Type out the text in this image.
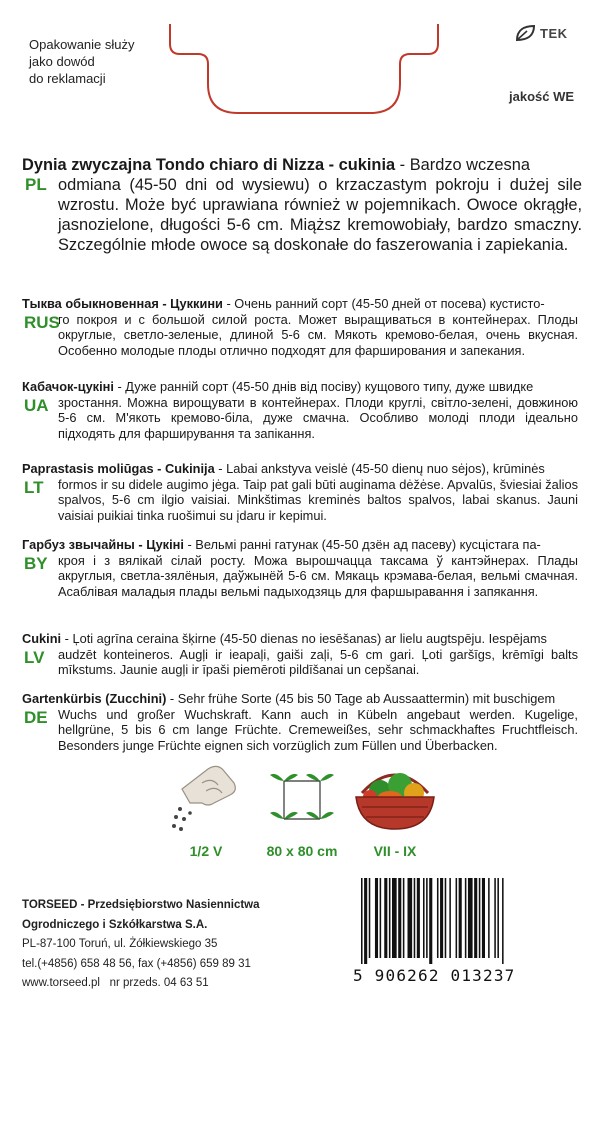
Opakowanie służy
jako dowód
do reklamacji
TEK
jakość WE
Dynia zwyczajna Tondo chiaro di Nizza - cukinia - Bardzo wczesna
odmiana (45-50 dni od wysiewu) o krzaczastym pokroju i dużej sile wzrostu. Może być uprawiana również w pojemnikach. Owoce okrągłe, jasnozielone, długości 5-6 cm. Miąższ kremowobiały, bardzo smaczny. Szczególnie młode owoce są doskonałe do faszerowania i zapiekania.
PL
Тыква обыкновенная - Цуккини - Очень ранний сорт (45-50 дней от посева) кустисто-
го покроя и с большой силой роста. Может выращиваться в контейнерах. Плоды округлые, светло-зеленые, длиной 5-6 см. Мякоть кремово-белая, очень вкусная. Особенно молодые плоды отлично подходят для фарширования и запекания.
RUS
Кабачок-цукіні - Дуже ранній сорт (45-50 днів від посіву) кущового типу, дуже швидке
зростання. Можна вирощувати в контейнерах. Плоди круглі, світло-зелені, довжиною 5-6 см. М'якоть кремово-біла, дуже смачна. Особливо молоді плоди ідеально підходять для фарширування та запікання.
UA
Paprastasis moliūgas - Cukinija - Labai ankstyva veislė (45-50 dienų nuo sėjos), krūminės
formos ir su didele augimo jėga. Taip pat gali būti auginama dėžėse. Apvalūs, šviesiai žalios spalvos, 5-6 cm ilgio vaisiai. Minkštimas kreminės baltos spalvos, labai skanus. Jauni vaisiai puikiai tinka ruošimui su įdaru ir kepimui.
LT
Гарбуз звычайны - Цукіні - Вельмі ранні гатунак (45-50 дзён ад пасеву) кусцістага па-
кроя і з вялікай сілай росту. Можа вырошчацца таксама ў кантэйнерах. Плады акруглыя, светла-зялёныя, даўжынёй 5-6 см. Мякаць крэмава-белая, вельмі смачная. Асаблівая маладыя плады вельмі падыходзяць для фаршыравання і запякання.
BY
Cukini - Ļoti agrīna ceraina šķirne (45-50 dienas no iesēšanas) ar lielu augtspēju. Iespējams
audzēt konteineros. Augļi ir ieapaļi, gaiši zaļi, 5-6 cm gari. Ļoti garšīgs, krēmīgi balts mīkstums. Jaunie augļi ir īpaši piemēroti pildīšanai un cepšanai.
LV
Gartenkürbis (Zucchini) - Sehr frühe Sorte (45 bis 50 Tage ab Aussaattermin) mit buschigem
Wuchs und großer Wuchskraft. Kann auch in Kübeln angebaut werden. Kugelige, hellgrüne, 5 bis 6 cm lange Früchte. Cremeweißes, sehr schmackhaftes Fruchtfleisch. Besonders junge Früchte eignen sich vorzüglich zum Füllen und Überbacken.
DE
1/2 V	80 x 80 cm	VII - IX
TORSEED - Przedsiębiorstwo Nasiennictwa
Ogrodniczego i Szkółkarstwa S.A.
PL-87-100 Toruń, ul. Żółkiewskiego 35
tel.(+4856) 658 48 56, fax (+4856) 659 89 31
www.torseed.pl   nr przeds. 04 63 51	5 906262 013237
